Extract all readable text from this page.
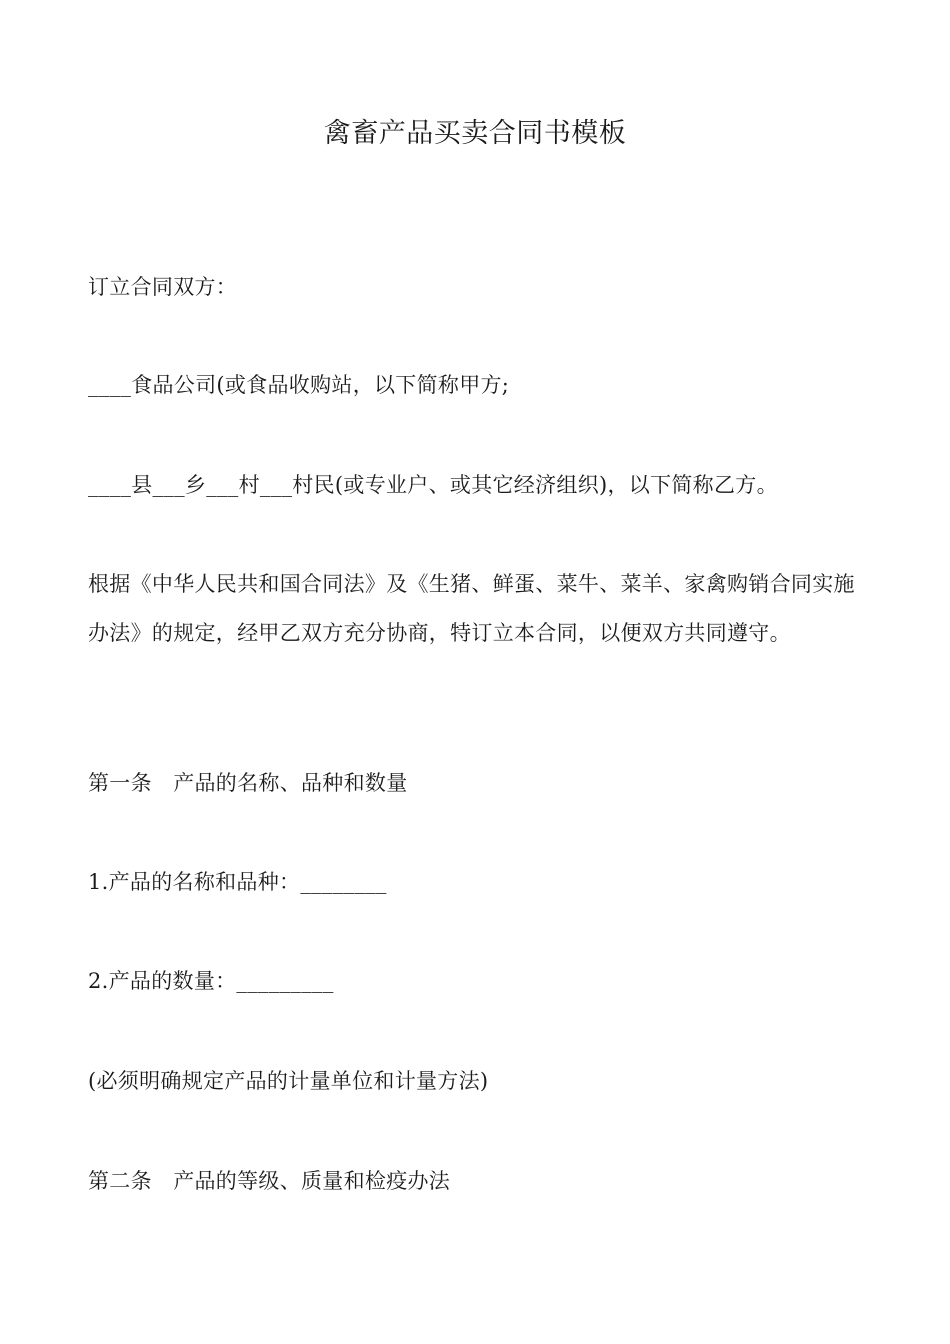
禽畜产品买卖合同书模板

订立合同双方：

____食品公司(或食品收购站，以下简称甲方;

____县___乡___村___村民(或专业户、或其它经济组织)，以下简称乙方。

根据《中华人民共和国合同法》及《生猪、鲜蛋、菜牛、菜羊、家禽购销合同实施办法》的规定，经甲乙双方充分协商，特订立本合同，以便双方共同遵守。

第一条　产品的名称、品种和数量

1.产品的名称和品种：________

2.产品的数量：_________

(必须明确规定产品的计量单位和计量方法)

第二条　产品的等级、质量和检疫办法
